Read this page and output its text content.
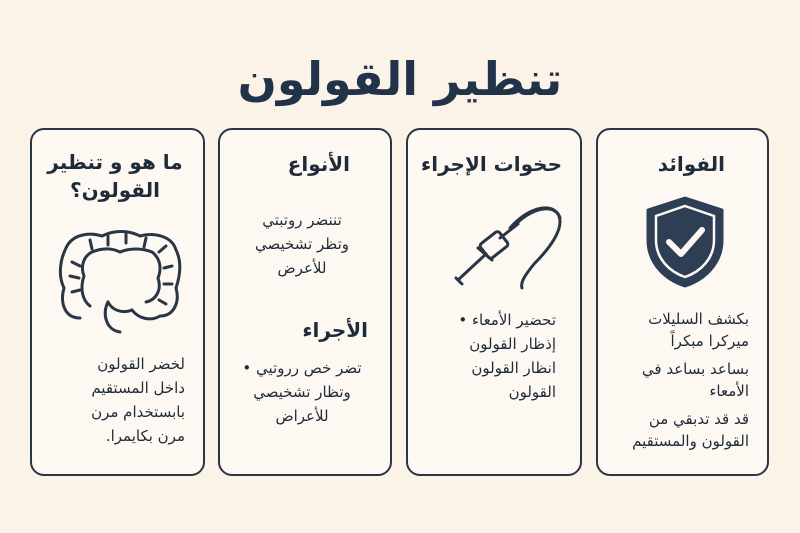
تنظير القولون
ما هو و تنظير القولون؟
لخضر القولون
داخل المستقيم
بابستخدام مرن
مرن بكايمرا.
الأنواع
تننضر روتبتي
وتظر تشخيصي
للأعرض
الأجراء
تضر خص رروتيي •
وتظار تشخيصي
للأعراض
حخوات الإجراء
تحضير الأمعاء •
إذظار القولون
انظار القولون
القولون
الفوائد
بكشف السليلات
ميركرا مبكراً
بساعد بساعد في
الأمعاء
قد قد تدبقي من
القولون والمستقيم
